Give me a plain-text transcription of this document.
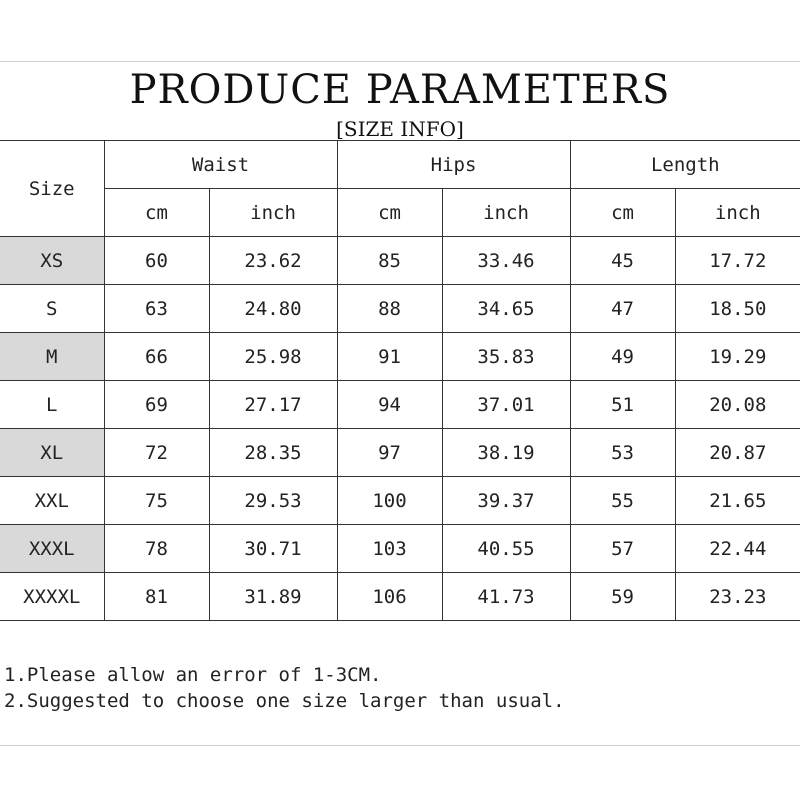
PRODUCE PARAMETERS
[SIZE INFO]
Size	Waist		Hips		Length	
	cm	inch	cm	inch	cm	inch
XS	60	23.62	85	33.46	45	17.72
S	63	24.80	88	34.65	47	18.50
M	66	25.98	91	35.83	49	19.29
L	69	27.17	94	37.01	51	20.08
XL	72	28.35	97	38.19	53	20.87
XXL	75	29.53	100	39.37	55	21.65
XXXL	78	30.71	103	40.55	57	22.44
XXXXL	81	31.89	106	41.73	59	23.23
1.Please allow an error of 1-3CM.
2.Suggested to choose one size larger than usual.
